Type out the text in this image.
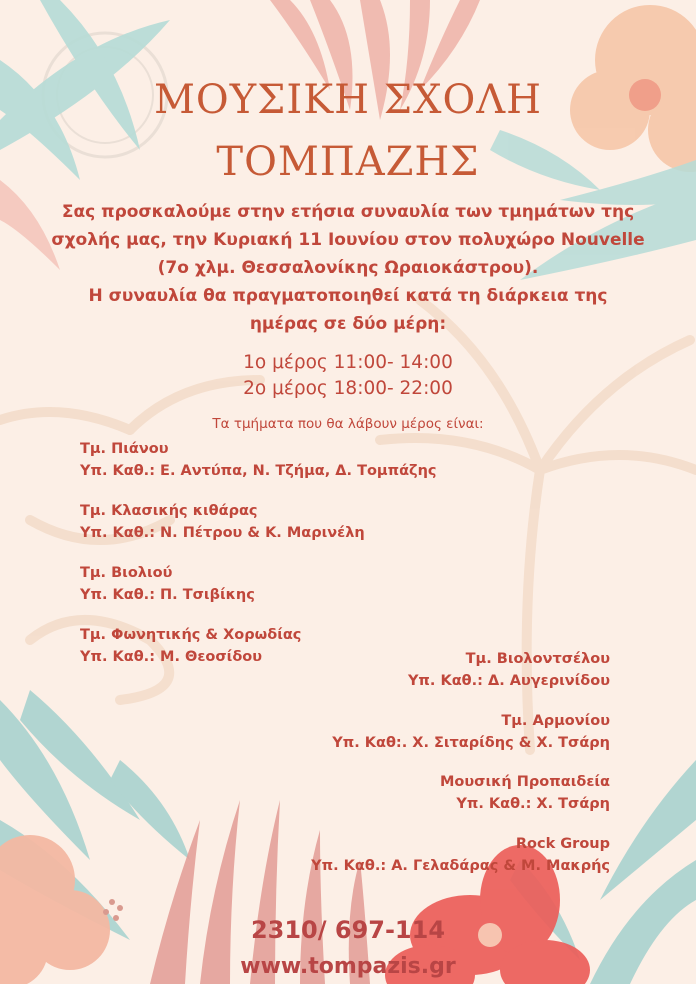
ΜΟΥΣΙΚΗ ΣΧΟΛΗ
ΤΟΜΠΑΖΗΣ
Σας προσκαλούμε στην ετήσια συναυλία των τμημάτων της
σχολής μας, την Κυριακή 11 Ιουνίου στον πολυχώρο Nouvelle
(7ο χλμ. Θεσσαλονίκης Ωραιοκάστρου).
Η συναυλία θα πραγματοποιηθεί κατά τη διάρκεια της
ημέρας σε δύο μέρη:
1ο μέρος 11:00- 14:00
2ο μέρος 18:00- 22:00
Τα τμήματα που θα λάβουν μέρος είναι:
Τμ. Πιάνου
Υπ. Καθ.: Ε. Αντύπα, Ν. Τζήμα, Δ. Τομπάζης
Τμ. Κλασικής κιθάρας
Υπ. Καθ.: Ν. Πέτρου & Κ. Μαρινέλη
Τμ. Βιολιού
Υπ. Καθ.: Π. Τσιβίκης
Τμ. Φωνητικής & Χορωδίας
Υπ. Καθ.: Μ. Θεοσίδου	Τμ. Βιολοντσέλου
Υπ. Καθ.: Δ. Αυγερινίδου
Τμ. Αρμονίου
Υπ. Καθ:. Χ. Σιταρίδης & Χ. Τσάρη
Μουσική Προπαιδεία
Υπ. Καθ.: Χ. Τσάρη
Rock Group
Υπ. Καθ.: Α. Γελαδάρας & Μ. Μακρής
2310/ 697-114
www.tompazis.gr
